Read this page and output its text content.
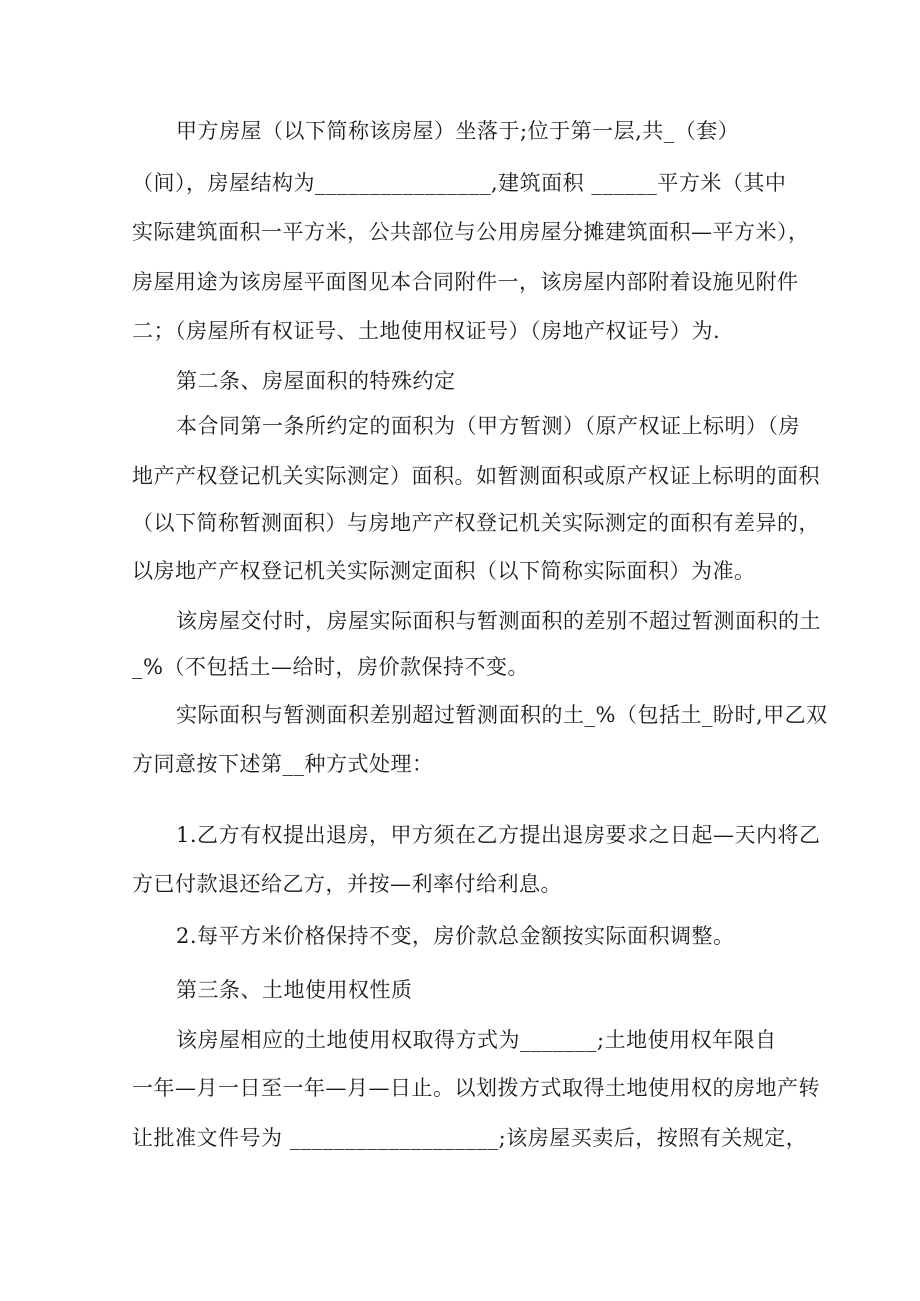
甲方房屋（以下简称该房屋）坐落于;位于第一层,共_（套）
（间），房屋结构为________________,建筑面积 ______平方米（其中
实际建筑面积一平方米，公共部位与公用房屋分摊建筑面积—平方米），
房屋用途为该房屋平面图见本合同附件一，该房屋内部附着设施见附件
二；（房屋所有权证号、土地使用权证号）（房地产权证号）为.
第二条、房屋面积的特殊约定
本合同第一条所约定的面积为（甲方暂测）（原产权证上标明）（房
地产产权登记机关实际测定）面积。如暂测面积或原产权证上标明的面积
（以下简称暂测面积）与房地产产权登记机关实际测定的面积有差异的，
以房地产产权登记机关实际测定面积（以下简称实际面积）为准。
该房屋交付时，房屋实际面积与暂测面积的差别不超过暂测面积的土
_%（不包括土—给时，房价款保持不变。
实际面积与暂测面积差别超过暂测面积的土_%（包括土_盼时,甲乙双
方同意按下述第__种方式处理：
1.乙方有权提出退房，甲方须在乙方提出退房要求之日起—天内将乙
方已付款退还给乙方，并按—利率付给利息。
2.每平方米价格保持不变，房价款总金额按实际面积调整。
第三条、土地使用权性质
该房屋相应的土地使用权取得方式为_______;土地使用权年限自
一年—月一日至一年—月—日止。以划拨方式取得土地使用权的房地产转
让批准文件号为 ___________________;该房屋买卖后，按照有关规定，
